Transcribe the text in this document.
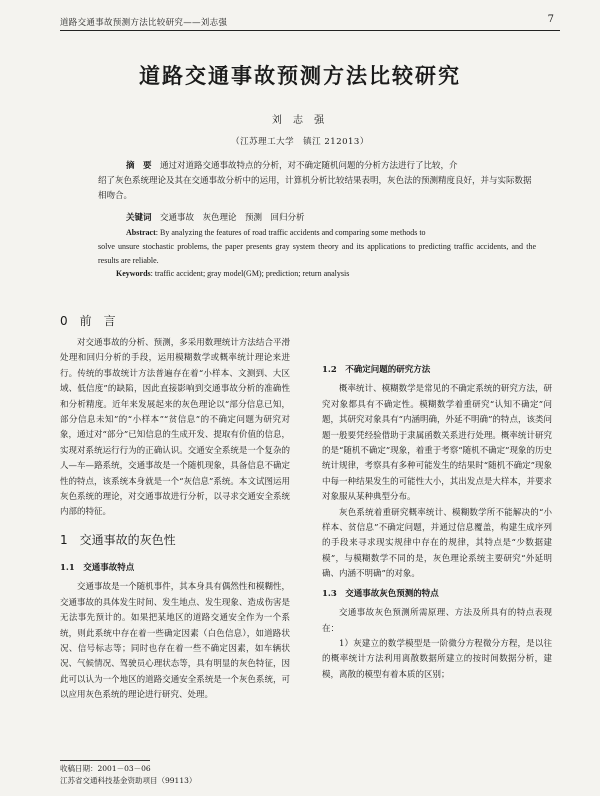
道路交通事故预测方法比较研究——刘志强	7
道路交通事故预测方法比较研究
刘 志 强
（江苏理工大学　镇江 212013）
摘　要　 通过对道路交通事故特点的分析，对不确定随机问题的分析方法进行了比较，介
绍了灰色系统理论及其在交通事故分析中的运用，计算机分析比较结果表明，灰色法的预测精度良好，并与实际数据相吻合。
关键词　 交通事故　灰色理论　预测　回归分析
Abstract: By analyzing the features of road traffic accidents and comparing some methods to
solve unsure stochastic problems, the paper presents gray system theory and its applications to predicting traffic accidents, and the results are reliable.
Keywords: traffic accident; gray model(GM); prediction; return analysis
0　前　言

对交通事故的分析、预测，多采用数理统计方法结合平滑处理和回归分析的手段，运用模糊数学或概率统计理论来进行。传统的事故统计方法普遍存在着“小样本、文测到、大区域、低信度”的缺陷，因此直接影响到交通事故分析的准确性和分析精度。近年来发展起来的灰色理论以“部分信息已知，部分信息未知”的“小样本”“贫信息”的不确定问题为研究对象，通过对“部分”已知信息的生成开发、提取有价值的信息，实现对系统运行行为的正确认识。交通安全系统是一个复杂的人—车—路系统，交通事故是一个随机现象，具备信息不确定性的特点，该系统本身就是一个“灰信息”系统。本文试图运用灰色系统的理论，对交通事故进行分析，以寻求交通安全系统内部的特征。

1　交通事故的灰色性
1.1　交通事故特点

交通事故是一个随机事件，其本身具有偶然性和模糊性，交通事故的具体发生时间、发生地点、发生现象、造成伤害是无法事先预计的。如果把某地区的道路交通安全作为一个系统，则此系统中存在着一些确定因素（白色信息），如道路状况、信号标志等；同时也存在着一些不确定因素，如车辆状况、气候情况、驾驶员心理状态等，具有明显的灰色特征，因此可以认为一个地区的道路交通安全系统是一个灰色系统，可以应用灰色系统的理论进行研究、处理。

1.2　不确定问题的研究方法

概率统计、模糊数学是常见的不确定系统的研究方法，研究对象都具有不确定性。模糊数学着重研究“认知不确定”问题，其研究对象具有“内涵明确，外延不明确”的特点，该类问题一般要凭经验借助于隶属函数关系进行处理。概率统计研究的是“随机不确定”现象，着重于考察“随机不确定”现象的历史统计规律，考察具有多种可能发生的结果时“随机不确定”现象中每一种结果发生的可能性大小，其出发点是大样本，并要求对象服从某种典型分布。

灰色系统着重研究概率统计、模糊数学所不能解决的“小样本、贫信息”不确定问题，并通过信息覆盖，构建生成序列的手段来寻求现实规律中存在的规律，其特点是“少数据建模”，与模糊数学不同的是，灰色理论系统主要研究“外延明确、内涵不明确”的对象。

1.3　交通事故灰色预测的特点

交通事故灰色预测所需原理、方法及所具有的特点表现在：

1）灰建立的数学模型是一阶微分方程微分方程，是以往的概率统计方法利用离散数据所建立的按时间数据分析，建模，离散的模型有着本质的区别；

收稿日期：2001－03－06
江苏省交通科技基金资助项目（99113）
